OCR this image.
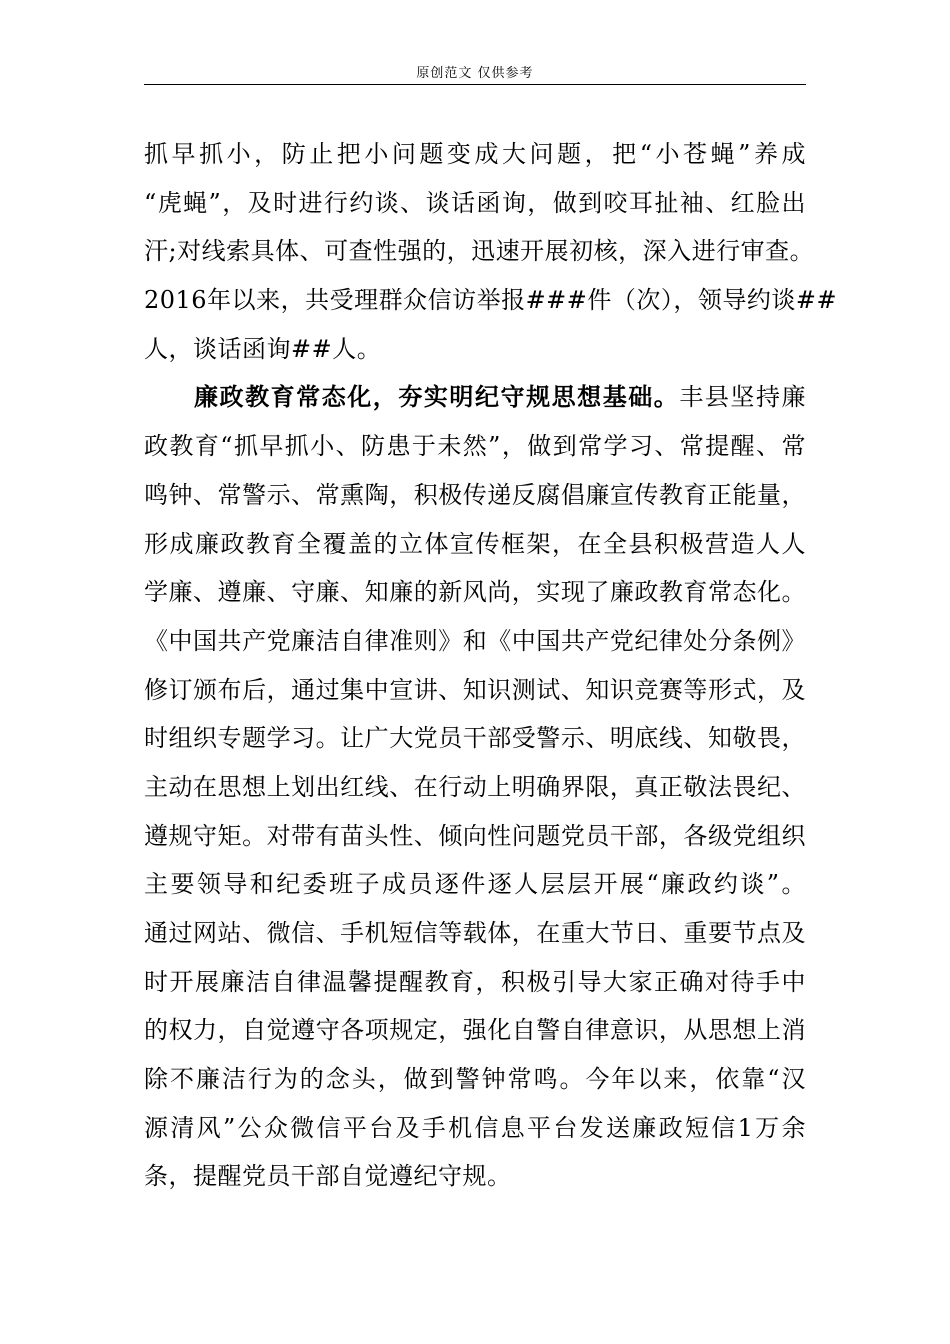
原创范文 仅供参考
抓早抓小，防止把小问题变成大问题，把“小苍蝇”养成
“虎蝇”，及时进行约谈、谈话函询，做到咬耳扯袖、红脸出
汗;对线索具体、可查性强的，迅速开展初核，深入进行审查。
2016年以来，共受理群众信访举报###件（次），领导约谈##
人，谈话函询##人。
廉政教育常态化，夯实明纪守规思想基础。丰县坚持廉
政教育“抓早抓小、防患于未然”，做到常学习、常提醒、常
鸣钟、常警示、常熏陶，积极传递反腐倡廉宣传教育正能量，
形成廉政教育全覆盖的立体宣传框架，在全县积极营造人人
学廉、遵廉、守廉、知廉的新风尚，实现了廉政教育常态化。
《中国共产党廉洁自律准则》和《中国共产党纪律处分条例》
修订颁布后，通过集中宣讲、知识测试、知识竞赛等形式，及
时组织专题学习。让广大党员干部受警示、明底线、知敬畏，
主动在思想上划出红线、在行动上明确界限，真正敬法畏纪、
遵规守矩。对带有苗头性、倾向性问题党员干部，各级党组织
主要领导和纪委班子成员逐件逐人层层开展“廉政约谈”。
通过网站、微信、手机短信等载体，在重大节日、重要节点及
时开展廉洁自律温馨提醒教育，积极引导大家正确对待手中
的权力，自觉遵守各项规定，强化自警自律意识，从思想上消
除不廉洁行为的念头，做到警钟常鸣。今年以来，依靠“汉
源清风”公众微信平台及手机信息平台发送廉政短信1万余
条，提醒党员干部自觉遵纪守规。
